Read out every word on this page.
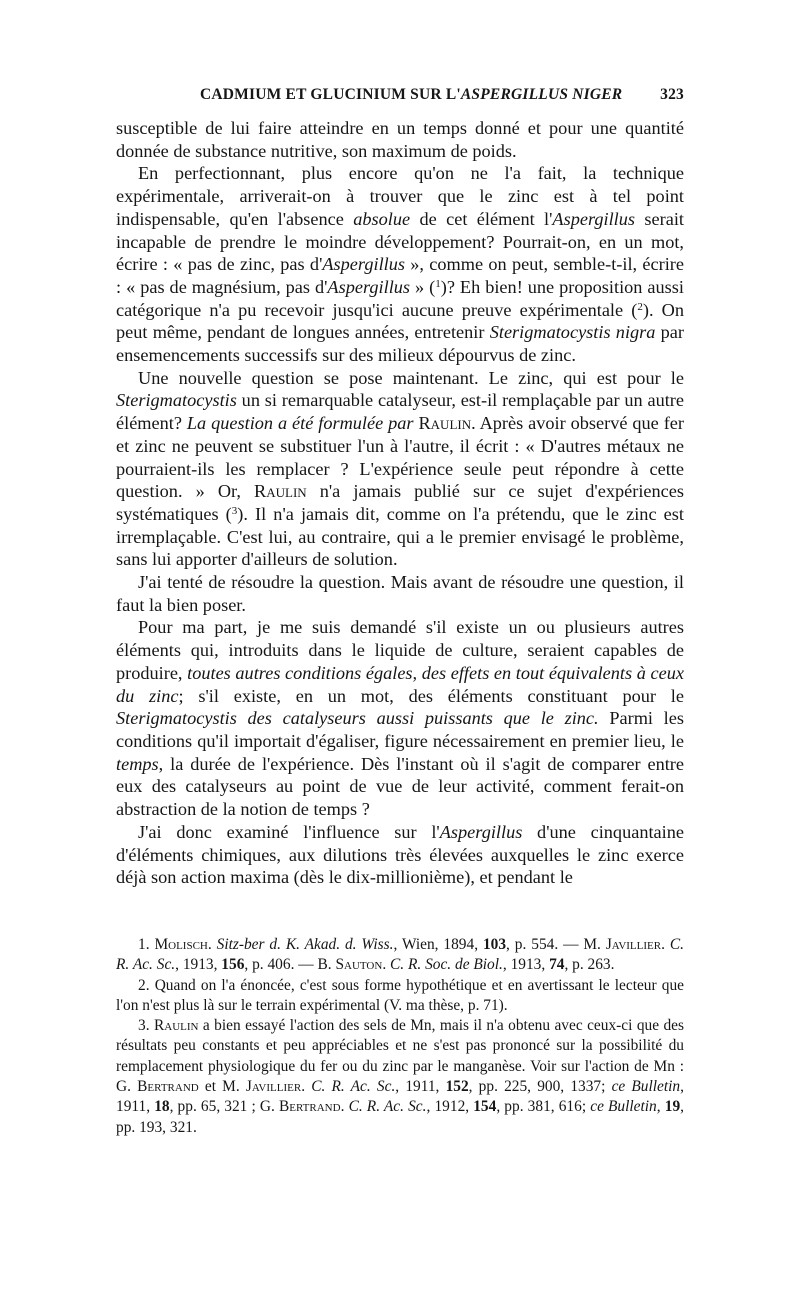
CADMIUM ET GLUCINIUM SUR L'ASPERGILLUS NIGER 323

susceptible de lui faire atteindre en un temps donné et pour une quantité donnée de substance nutritive, son maximum de poids.

En perfectionnant, plus encore qu'on ne l'a fait, la technique expérimentale, arriverait-on à trouver que le zinc est à tel point indispensable, qu'en l'absence absolue de cet élément l'Aspergillus serait incapable de prendre le moindre développement? Pourrait-on, en un mot, écrire : « pas de zinc, pas d'Aspergillus », comme on peut, semble-t-il, écrire : « pas de magnésium, pas d'Aspergillus » ($^1$)? Eh bien! une proposition aussi catégorique n'a pu recevoir jusqu'ici aucune preuve expérimentale ($^2$). On peut même, pendant de longues années, entretenir Sterigmatocystis nigra par ensemencements successifs sur des milieux dépourvus de zinc.

Une nouvelle question se pose maintenant. Le zinc, qui est pour le Sterigmatocystis un si remarquable catalyseur, est-il remplaçable par un autre élément? La question a été formulée par Raulin. Après avoir observé que fer et zinc ne peuvent se substituer l'un à l'autre, il écrit : « D'autres métaux ne pourraient-ils les remplacer ? L'expérience seule peut répondre à cette question. » Or, Raulin n'a jamais publié sur ce sujet d'expériences systématiques ($^3$). Il n'a jamais dit, comme on l'a prétendu, que le zinc est irremplaçable. C'est lui, au contraire, qui a le premier envisagé le problème, sans lui apporter d'ailleurs de solution.

J'ai tenté de résoudre la question. Mais avant de résoudre une question, il faut la bien poser.

Pour ma part, je me suis demandé s'il existe un ou plusieurs autres éléments qui, introduits dans le liquide de culture, seraient capables de produire, toutes autres conditions égales, des effets en tout équivalents à ceux du zinc; s'il existe, en un mot, des éléments constituant pour le Sterigmatocystis des catalyseurs aussi puissants que le zinc. Parmi les conditions qu'il importait d'égaliser, figure nécessairement en premier lieu, le temps, la durée de l'expérience. Dès l'instant où il s'agit de comparer entre eux des catalyseurs au point de vue de leur activité, comment ferait-on abstraction de la notion de temps ?

J'ai donc examiné l'influence sur l'Aspergillus d'une cinquantaine d'éléments chimiques, aux dilutions très élevées auxquelles le zinc exerce déjà son action maxima (dès le dix-millionième), et pendant le

1. Molisch. Sitz-ber d. K. Akad. d. Wiss., Wien, 1894, 103, p. 554. — M. Javillier. C. R. Ac. Sc., 1913, 156, p. 406. — B. Sauton. C. R. Soc. de Biol., 1913, 74, p. 263.

2. Quand on l'a énoncée, c'est sous forme hypothétique et en avertissant le lecteur que l'on n'est plus là sur le terrain expérimental (V. ma thèse, p. 71).

3. Raulin a bien essayé l'action des sels de Mn, mais il n'a obtenu avec ceux-ci que des résultats peu constants et peu appréciables et ne s'est pas prononcé sur la possibilité du remplacement physiologique du fer ou du zinc par le manganèse. Voir sur l'action de Mn : G. Bertrand et M. Javillier. C. R. Ac. Sc., 1911, 152, pp. 225, 900, 1337; ce Bulletin, 1911, 18, pp. 65, 321 ; G. Bertrand. C. R. Ac. Sc., 1912, 154, pp. 381, 616; ce Bulletin, 19, pp. 193, 321.
